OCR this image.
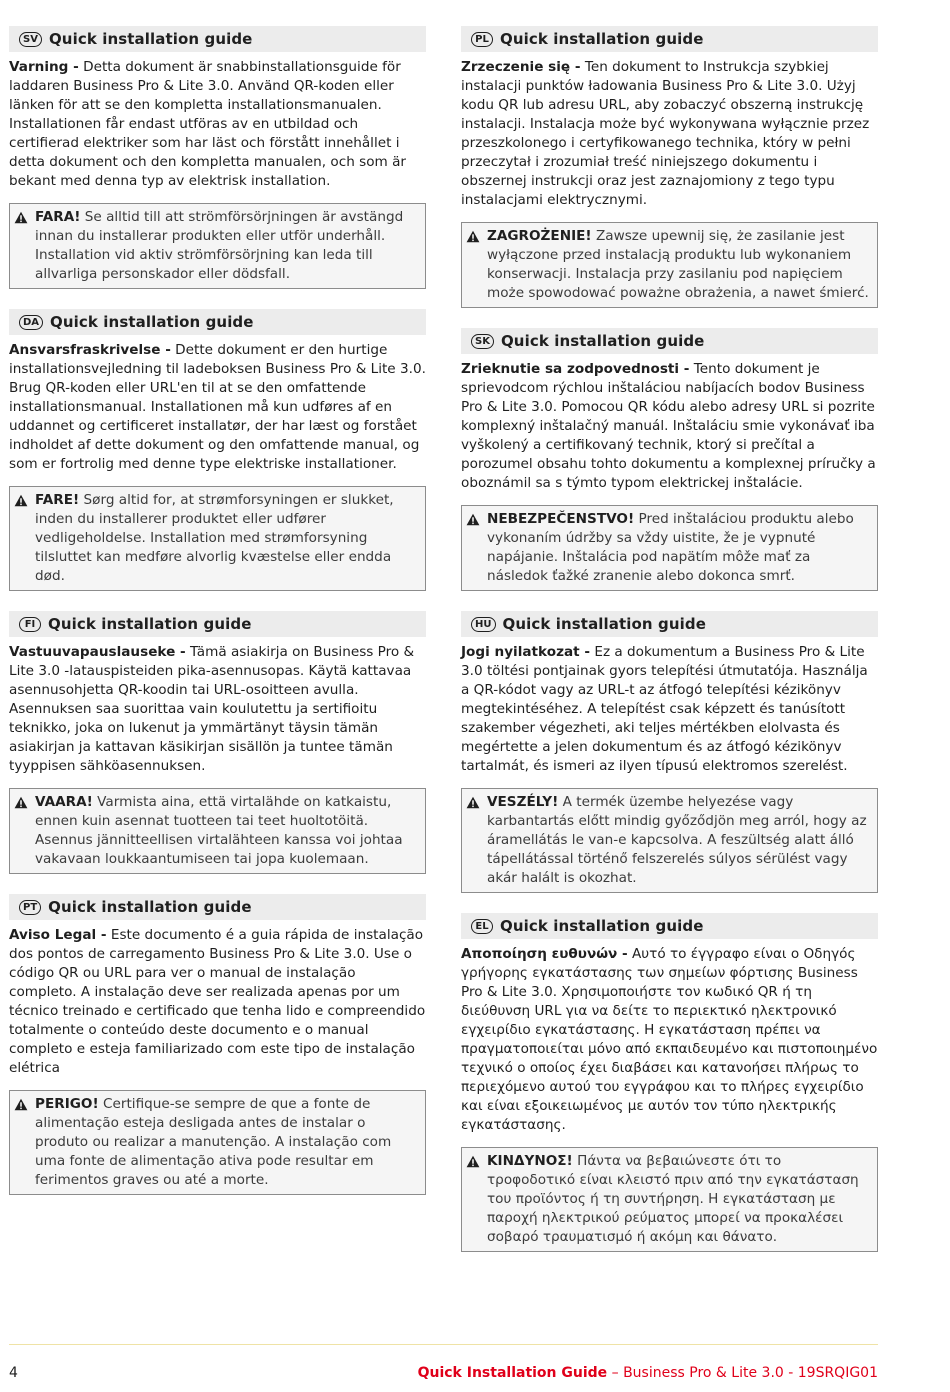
SV Quick installation guide

Varning - Detta dokument är snabbinstallationsguide för laddaren Business Pro & Lite 3.0. Använd QR-koden eller länken för att se den kompletta installationsmanualen. Installationen får endast utföras av en utbildad och certifierad elektriker som har läst och förstått innehållet i detta dokument och den kompletta manualen, och som är bekant med denna typ av elektrisk installation.

FARA! Se alltid till att strömförsörjningen är avstängd innan du installerar produkten eller utför underhåll. Installation vid aktiv strömförsörjning kan leda till allvarliga personskador eller dödsfall.
DA Quick installation guide

Ansvarsfraskrivelse - Dette dokument er den hurtige installationsvejledning til ladeboksen Business Pro & Lite 3.0. Brug QR-koden eller URL'en til at se den omfattende installationsmanual. Installationen må kun udføres af en uddannet og certificeret installatør, der har læst og forstået indholdet af dette dokument og den omfattende manual, og som er fortrolig med denne type elektriske installationer.

FARE! Sørg altid for, at strømforsyningen er slukket, inden du installerer produktet eller udfører vedligeholdelse. Installation med strømforsyning tilsluttet kan medføre alvorlig kvæstelse eller endda død.
FI Quick installation guide

Vastuuvapauslauseke - Tämä asiakirja on Business Pro & Lite 3.0 -latauspisteiden pika-asennusopas. Käytä kattavaa asennusohjetta QR-koodin tai URL-osoitteen avulla. Asennuksen saa suorittaa vain koulutettu ja sertifioitu teknikko, joka on lukenut ja ymmärtänyt täysin tämän asiakirjan ja kattavan käsikirjan sisällön ja tuntee tämän tyyppisen sähköasennuksen.

VAARA! Varmista aina, että virtalähde on katkaistu, ennen kuin asennat tuotteen tai teet huoltotöitä. Asennus jännitteellisen virtalähteen kanssa voi johtaa vakavaan loukkaantumiseen tai jopa kuolemaan.
PT Quick installation guide

Aviso Legal - Este documento é a guia rápida de instalação dos pontos de carregamento Business Pro & Lite 3.0. Use o código QR ou URL para ver o manual de instalação completo. A instalação deve ser realizada apenas por um técnico treinado e certificado que tenha lido e compreendido totalmente o conteúdo deste documento e o manual completo e esteja familiarizado com este tipo de instalação elétrica

PERIGO! Certifique-se sempre de que a fonte de alimentação esteja desligada antes de instalar o produto ou realizar a manutenção. A instalação com uma fonte de alimentação ativa pode resultar em ferimentos graves ou até a morte.
PL Quick installation guide

Zrzeczenie się - Ten dokument to Instrukcja szybkiej instalacji punktów ładowania Business Pro & Lite 3.0. Użyj kodu QR lub adresu URL, aby zobaczyć obszerną instrukcję instalacji. Instalacja może być wykonywana wyłącznie przez przeszkolonego i certyfikowanego technika, który w pełni przeczytał i zrozumiał treść niniejszego dokumentu i obszernej instrukcji oraz jest zaznajomiony z tego typu instalacjami elektrycznymi.

ZAGROŻENIE! Zawsze upewnij się, że zasilanie jest wyłączone przed instalacją produktu lub wykonaniem konserwacji. Instalacja przy zasilaniu pod napięciem może spowodować poważne obrażenia, a nawet śmierć.
SK Quick installation guide

Zrieknutie sa zodpovednosti - Tento dokument je sprievodcom rýchlou inštaláciou nabíjacích bodov Business Pro & Lite 3.0. Pomocou QR kódu alebo adresy URL si pozrite komplexný inštalačný manuál. Inštaláciu smie vykonávať iba vyškolený a certifikovaný technik, ktorý si prečítal a porozumel obsahu tohto dokumentu a komplexnej príručky a oboznámil sa s týmto typom elektrickej inštalácie.

NEBEZPEČENSTVO! Pred inštaláciou produktu alebo vykonaním údržby sa vždy uistite, že je vypnuté napájanie. Inštalácia pod napätím môže mať za následok ťažké zranenie alebo dokonca smrť.
HU Quick installation guide

Jogi nyilatkozat - Ez a dokumentum a Business Pro & Lite 3.0 töltési pontjainak gyors telepítési útmutatója. Használja a QR-kódot vagy az URL-t az átfogó telepítési kézikönyv megtekintéséhez. A telepítést csak képzett és tanúsított szakember végezheti, aki teljes mértékben elolvasta és megértette a jelen dokumentum és az átfogó kézikönyv tartalmát, és ismeri az ilyen típusú elektromos szerelést.

VESZÉLY! A termék üzembe helyezése vagy karbantartás előtt mindig győződjön meg arról, hogy az áramellátás le van-e kapcsolva. A feszültség alatt álló tápellátással történő felszerelés súlyos sérülést vagy akár halált is okozhat.
EL Quick installation guide

Αποποίηση ευθυνών - Αυτό το έγγραφο είναι ο Οδηγός γρήγορης εγκατάστασης των σημείων φόρτισης Business Pro & Lite 3.0. Χρησιμοποιήστε τον κωδικό QR ή τη διεύθυνση URL για να δείτε το περιεκτικό ηλεκτρονικό εγχειρίδιο εγκατάστασης. Η εγκατάσταση πρέπει να πραγματοποιείται μόνο από εκπαιδευμένο και πιστοποιημένο τεχνικό ο οποίος έχει διαβάσει και κατανοήσει πλήρως το περιεχόμενο αυτού του εγγράφου και το πλήρες εγχειρίδιο και είναι εξοικειωμένος με αυτόν τον τύπο ηλεκτρικής εγκατάστασης.

ΚΙΝΔΥΝΟΣ! Πάντα να βεβαιώνεστε ότι το τροφοδοτικό είναι κλειστό πριν από την εγκατάσταση του προϊόντος ή τη συντήρηση. Η εγκατάσταση με παροχή ηλεκτρικού ρεύματος μπορεί να προκαλέσει σοβαρό τραυματισμό ή ακόμη και θάνατο.
4	Quick Installation Guide – Business Pro & Lite 3.0 - 19SRQIG01
